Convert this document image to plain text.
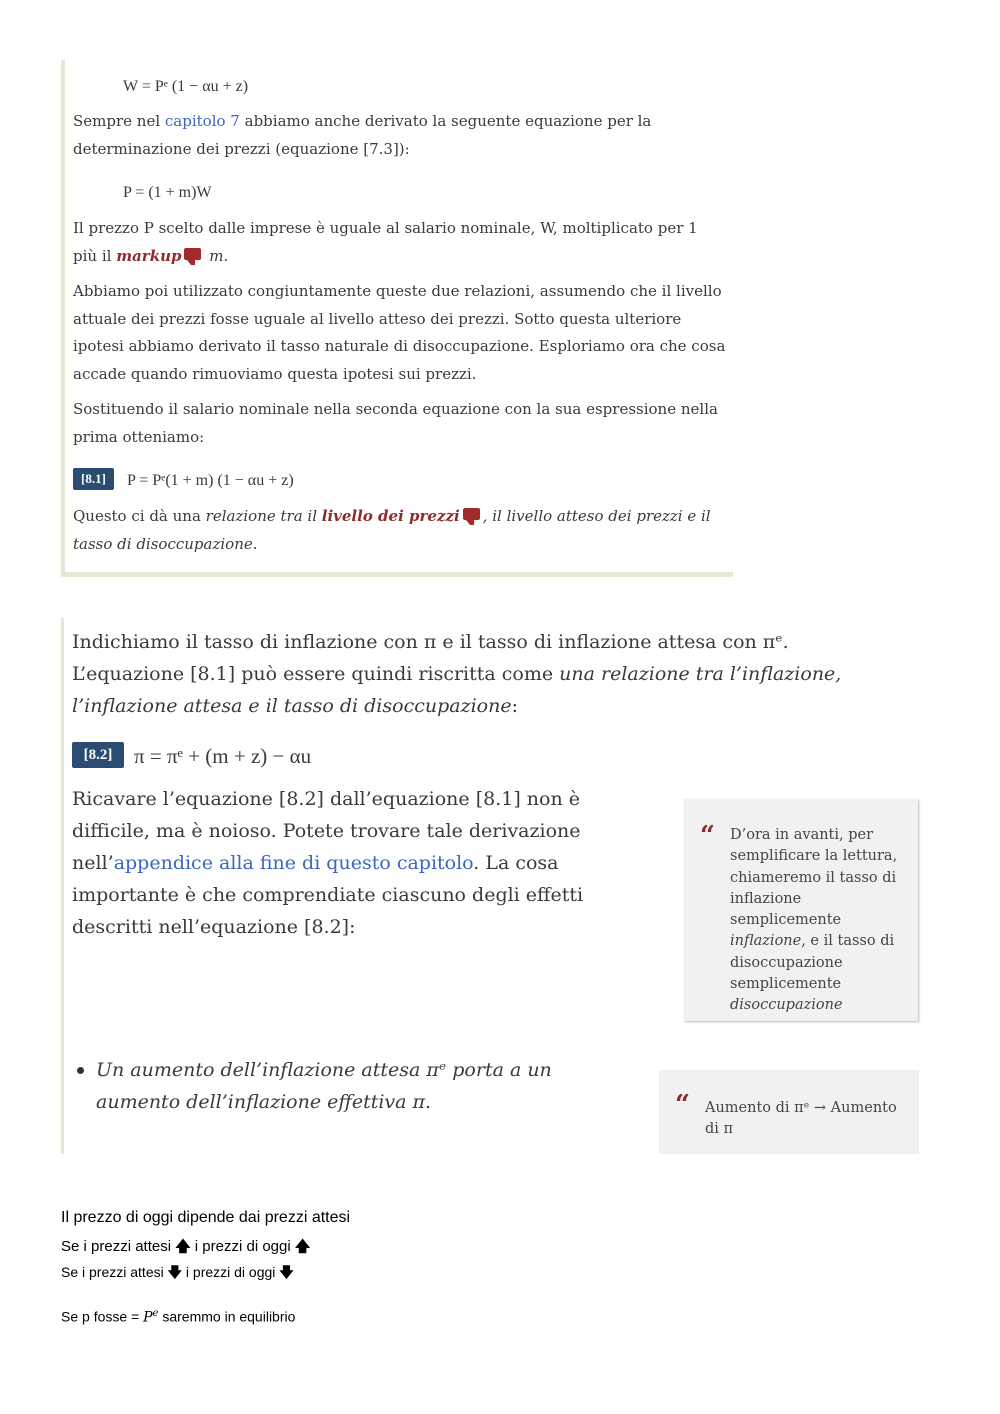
W = Pᵉ (1 − αu + z)
Sempre nel capitolo 7 abbiamo anche derivato la seguente equazione per la determinazione dei prezzi (equazione [7.3]):
P = (1 + m)W
Il prezzo P scelto dalle imprese è uguale al salario nominale, W, moltiplicato per 1 più il markup m.
Abbiamo poi utilizzato congiuntamente queste due relazioni, assumendo che il livello attuale dei prezzi fosse uguale al livello atteso dei prezzi. Sotto questa ulteriore ipotesi abbiamo derivato il tasso naturale di disoccupazione. Esploriamo ora che cosa accade quando rimuoviamo questa ipotesi sui prezzi.
Sostituendo il salario nominale nella seconda equazione con la sua espressione nella prima otteniamo:
[8.1]	P = Pᵉ(1 + m) (1 − αu + z)
Questo ci dà una relazione tra il livello dei prezzi , il livello atteso dei prezzi e il tasso di disoccupazione.
Indichiamo il tasso di inflazione con π e il tasso di inflazione attesa con πᵉ.
L’equazione [8.1] può essere quindi riscritta come una relazione tra l’inflazione,
l’inflazione attesa e il tasso di disoccupazione:
[8.2]	π = πᵉ + (m + z) − αu
Ricavare l’equazione [8.2] dall’equazione [8.1] non è difficile, ma è noioso. Potete trovare tale derivazione nell’appendice alla fine di questo capitolo. La cosa importante è che comprendiate ciascuno degli effetti descritti nell’equazione [8.2]:
“ D’ora in avanti, per semplificare la lettura, chiameremo il tasso di inflazione semplicemente inflazione, e il tasso di disoccupazione semplicemente disoccupazione
Un aumento dell’inflazione attesa πᵉ porta a un aumento dell’inflazione effettiva π.	“ Aumento di πᵉ → Aumento di π
Il prezzo di oggi dipende dai prezzi attesi
Se i prezzi attesi 🡅 i prezzi di oggi 🡅
Se i prezzi attesi 🡇 i prezzi di oggi 🡇
Se p fosse = $P^e$ saremmo in equilibrio
